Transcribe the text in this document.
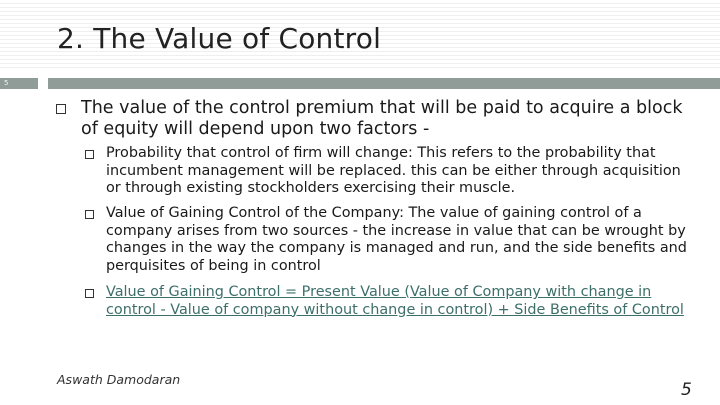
2. The Value of Control
5
The value of the control premium that will be paid to acquire a block of equity will depend upon two factors -
Probability that control of firm will change: This refers to the probability that incumbent management will be replaced. this can be either through acquisition or through existing stockholders exercising their muscle.
Value of Gaining Control of the Company: The value of gaining control of a company arises from two sources - the increase in value that can be wrought by changes in the way the company is managed and run, and the side benefits and perquisites of being in control
Value of Gaining Control = Present Value (Value of Company with change in control - Value of company without change in control) + Side Benefits of Control
Aswath Damodaran
5
